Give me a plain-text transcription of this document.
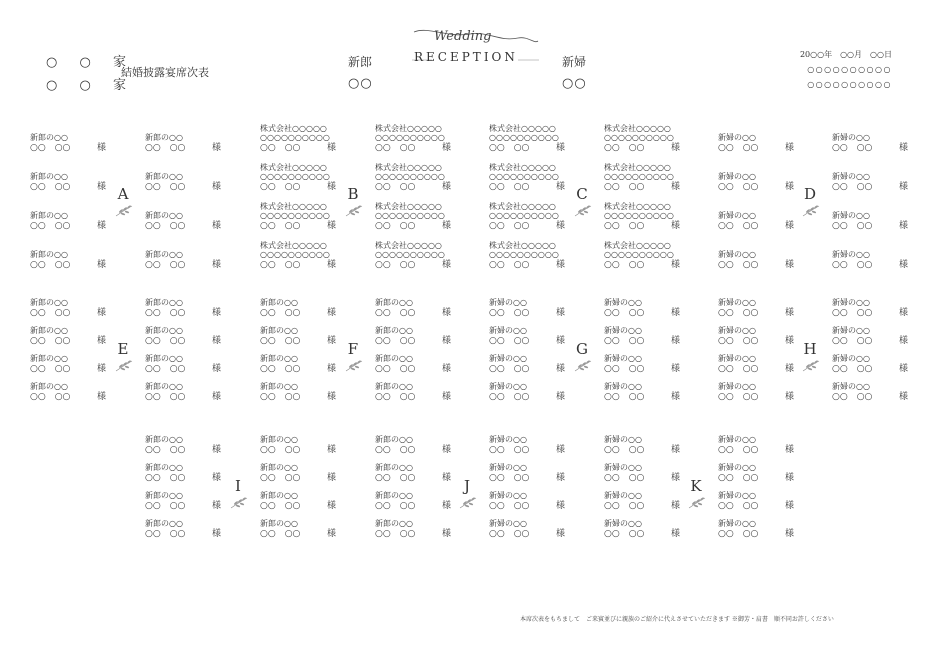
○ ○ 家
○ ○ 家
結婚披露宴席次表
新郎
○○
Wedding
RECEPTION	新婦
○○
20○○年　○○月　○○日
○○○○○○○○○○
○○○○○○○○○○
新郎の○○
○○　○○	様
新郎の○○
○○　○○	様
新郎の○○
○○　○○	様
新郎の○○
○○　○○	様
新郎の○○
○○　○○	様
新郎の○○
○○　○○	様
新郎の○○
○○　○○	様
新郎の○○
○○　○○	様
A
株式会社○○○○○
○○○○○○○○○○
○○　○○	様
株式会社○○○○○
○○○○○○○○○○
○○　○○	様
株式会社○○○○○
○○○○○○○○○○
○○　○○	様
株式会社○○○○○
○○○○○○○○○○
○○　○○	様
株式会社○○○○○
○○○○○○○○○○
○○　○○	様
株式会社○○○○○
○○○○○○○○○○
○○　○○	様
株式会社○○○○○
○○○○○○○○○○
○○　○○	様
株式会社○○○○○
○○○○○○○○○○
○○　○○	様
B
株式会社○○○○○
○○○○○○○○○○
○○　○○	様
株式会社○○○○○
○○○○○○○○○○
○○　○○	様
株式会社○○○○○
○○○○○○○○○○
○○　○○	様
株式会社○○○○○
○○○○○○○○○○
○○　○○	様
株式会社○○○○○
○○○○○○○○○○
○○　○○	様
株式会社○○○○○
○○○○○○○○○○
○○　○○	様
株式会社○○○○○
○○○○○○○○○○
○○　○○	様
株式会社○○○○○
○○○○○○○○○○
○○　○○	様
C
新婦の○○
○○　○○	様
新婦の○○
○○　○○	様
新婦の○○
○○　○○	様
新婦の○○
○○　○○	様
新婦の○○
○○　○○	様
新婦の○○
○○　○○	様
新婦の○○
○○　○○	様
新婦の○○
○○　○○	様
D
新郎の○○
○○　○○	様
新郎の○○
○○　○○	様
新郎の○○
○○　○○	様
新郎の○○
○○　○○	様
新郎の○○
○○　○○	様
新郎の○○
○○　○○	様
新郎の○○
○○　○○	様
新郎の○○
○○　○○	様
E
新郎の○○
○○　○○	様
新郎の○○
○○　○○	様
新郎の○○
○○　○○	様
新郎の○○
○○　○○	様
新郎の○○
○○　○○	様
新郎の○○
○○　○○	様
新郎の○○
○○　○○	様
新郎の○○
○○　○○	様
F
新婦の○○
○○　○○	様
新婦の○○
○○　○○	様
新婦の○○
○○　○○	様
新婦の○○
○○　○○	様
新婦の○○
○○　○○	様
新婦の○○
○○　○○	様
新婦の○○
○○　○○	様
新婦の○○
○○　○○	様
G
新婦の○○
○○　○○	様
新婦の○○
○○　○○	様
新婦の○○
○○　○○	様
新婦の○○
○○　○○	様
新婦の○○
○○　○○	様
新婦の○○
○○　○○	様
新婦の○○
○○　○○	様
新婦の○○
○○　○○	様
H
新郎の○○
○○　○○	様
新郎の○○
○○　○○	様
新郎の○○
○○　○○	様
新郎の○○
○○　○○	様
新郎の○○
○○　○○	様
新郎の○○
○○　○○	様
新郎の○○
○○　○○	様
新郎の○○
○○　○○	様
I
新郎の○○
○○　○○	様
新郎の○○
○○　○○	様
新郎の○○
○○　○○	様
新郎の○○
○○　○○	様
新婦の○○
○○　○○	様
新婦の○○
○○　○○	様
新婦の○○
○○　○○	様
新婦の○○
○○　○○	様
J
新婦の○○
○○　○○	様
新婦の○○
○○　○○	様
新婦の○○
○○　○○	様
新婦の○○
○○　○○	様
新婦の○○
○○　○○	様
新婦の○○
○○　○○	様
新婦の○○
○○　○○	様
新婦の○○
○○　○○	様
K
本席次表をもちまして　ご来賓並びに親族のご紹介に代えさせていただきます ※御芳・肩書　順不同お許しください
